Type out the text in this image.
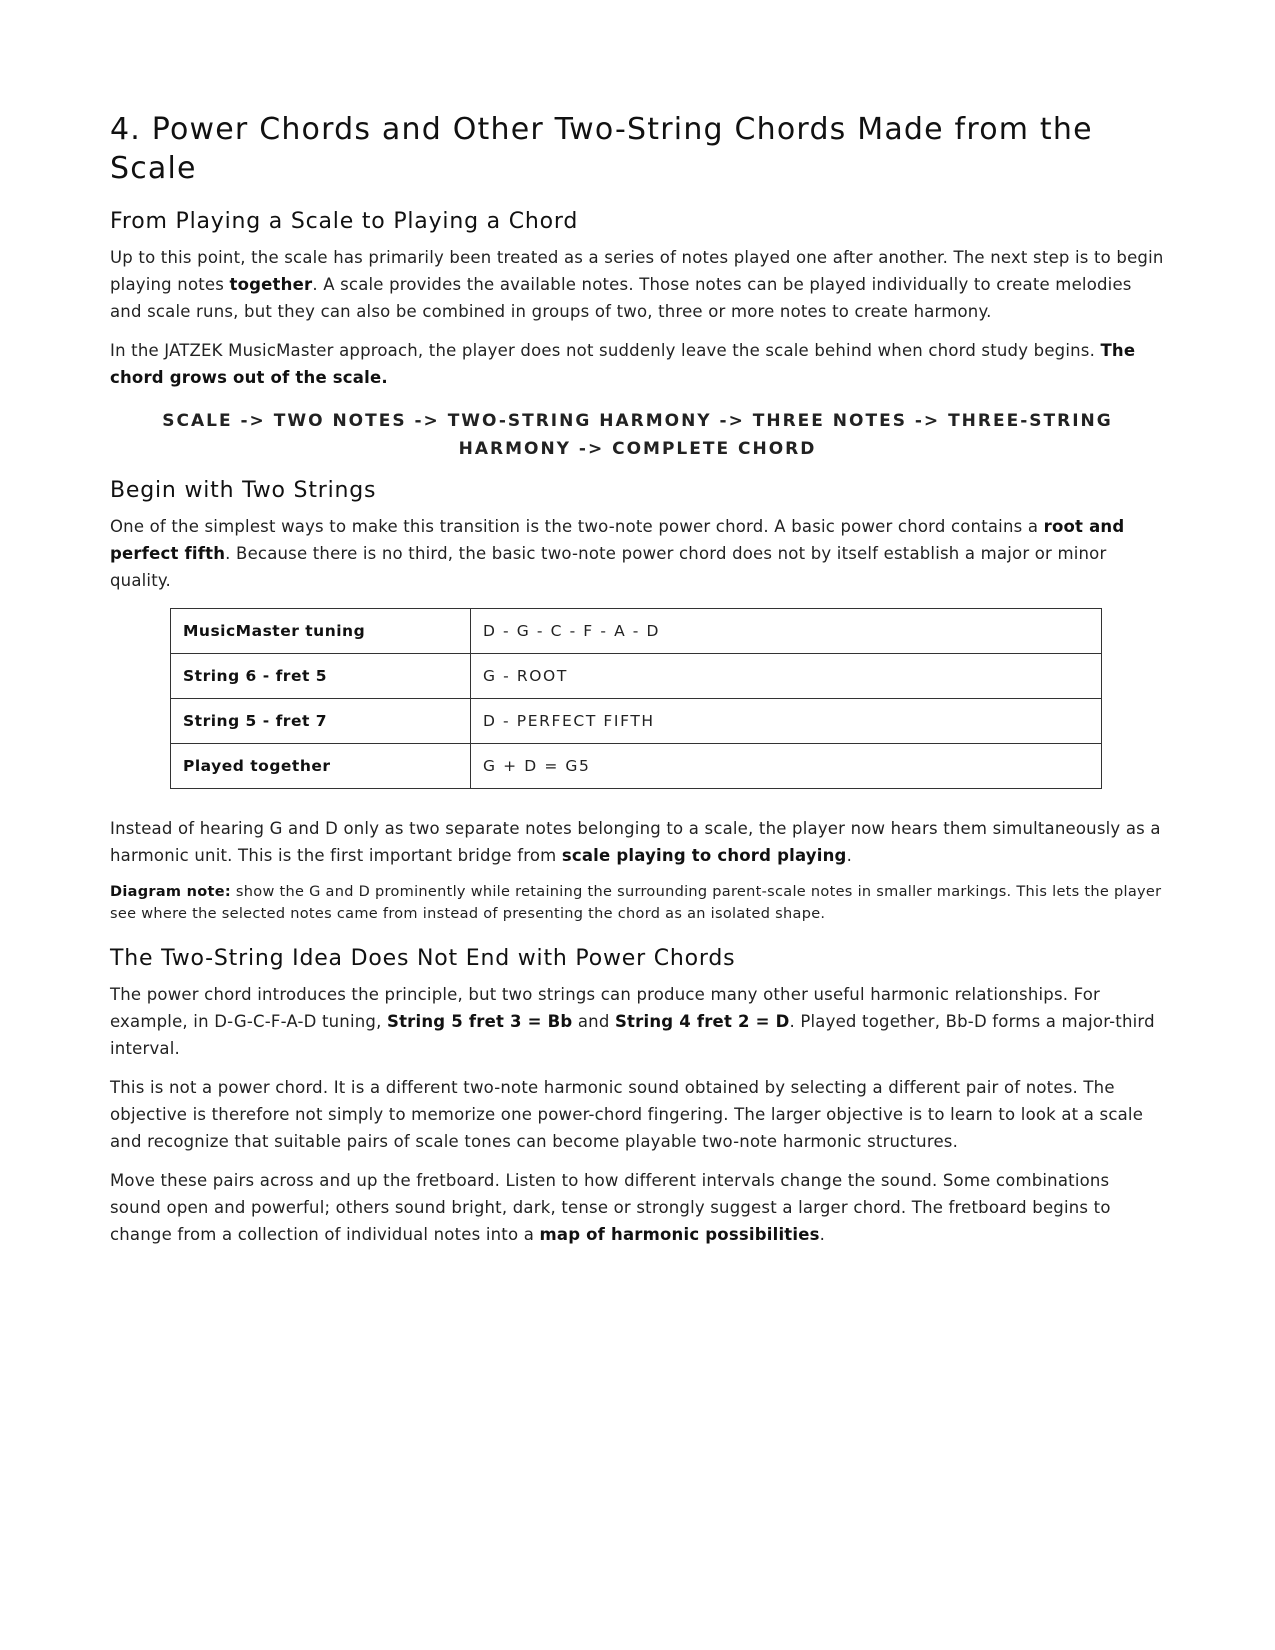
4. Power Chords and Other Two-String Chords Made from the Scale
From Playing a Scale to Playing a Chord

Up to this point, the scale has primarily been treated as a series of notes played one after another. The next step is to begin playing notes together. A scale provides the available notes. Those notes can be played individually to create melodies and scale runs, but they can also be combined in groups of two, three or more notes to create harmony.

In the JATZEK MusicMaster approach, the player does not suddenly leave the scale behind when chord study begins. The chord grows out of the scale.

SCALE -> TWO NOTES -> TWO-STRING HARMONY -> THREE NOTES -> THREE-STRING HARMONY -> COMPLETE CHORD
Begin with Two Strings

One of the simplest ways to make this transition is the two-note power chord. A basic power chord contains a root and perfect fifth. Because there is no third, the basic two-note power chord does not by itself establish a major or minor quality.

MusicMaster tuning	D - G - C - F - A - D
String 6 - fret 5	G - ROOT
String 5 - fret 7	D - PERFECT FIFTH
Played together	G + D = G5

Instead of hearing G and D only as two separate notes belonging to a scale, the player now hears them simultaneously as a harmonic unit. This is the first important bridge from scale playing to chord playing.

Diagram note: show the G and D prominently while retaining the surrounding parent-scale notes in smaller markings. This lets the player see where the selected notes came from instead of presenting the chord as an isolated shape.
The Two-String Idea Does Not End with Power Chords

The power chord introduces the principle, but two strings can produce many other useful harmonic relationships. For example, in D-G-C-F-A-D tuning, String 5 fret 3 = Bb and String 4 fret 2 = D. Played together, Bb-D forms a major-third interval.

This is not a power chord. It is a different two-note harmonic sound obtained by selecting a different pair of notes. The objective is therefore not simply to memorize one power-chord fingering. The larger objective is to learn to look at a scale and recognize that suitable pairs of scale tones can become playable two-note harmonic structures.

Move these pairs across and up the fretboard. Listen to how different intervals change the sound. Some combinations sound open and powerful; others sound bright, dark, tense or strongly suggest a larger chord. The fretboard begins to change from a collection of individual notes into a map of harmonic possibilities.
